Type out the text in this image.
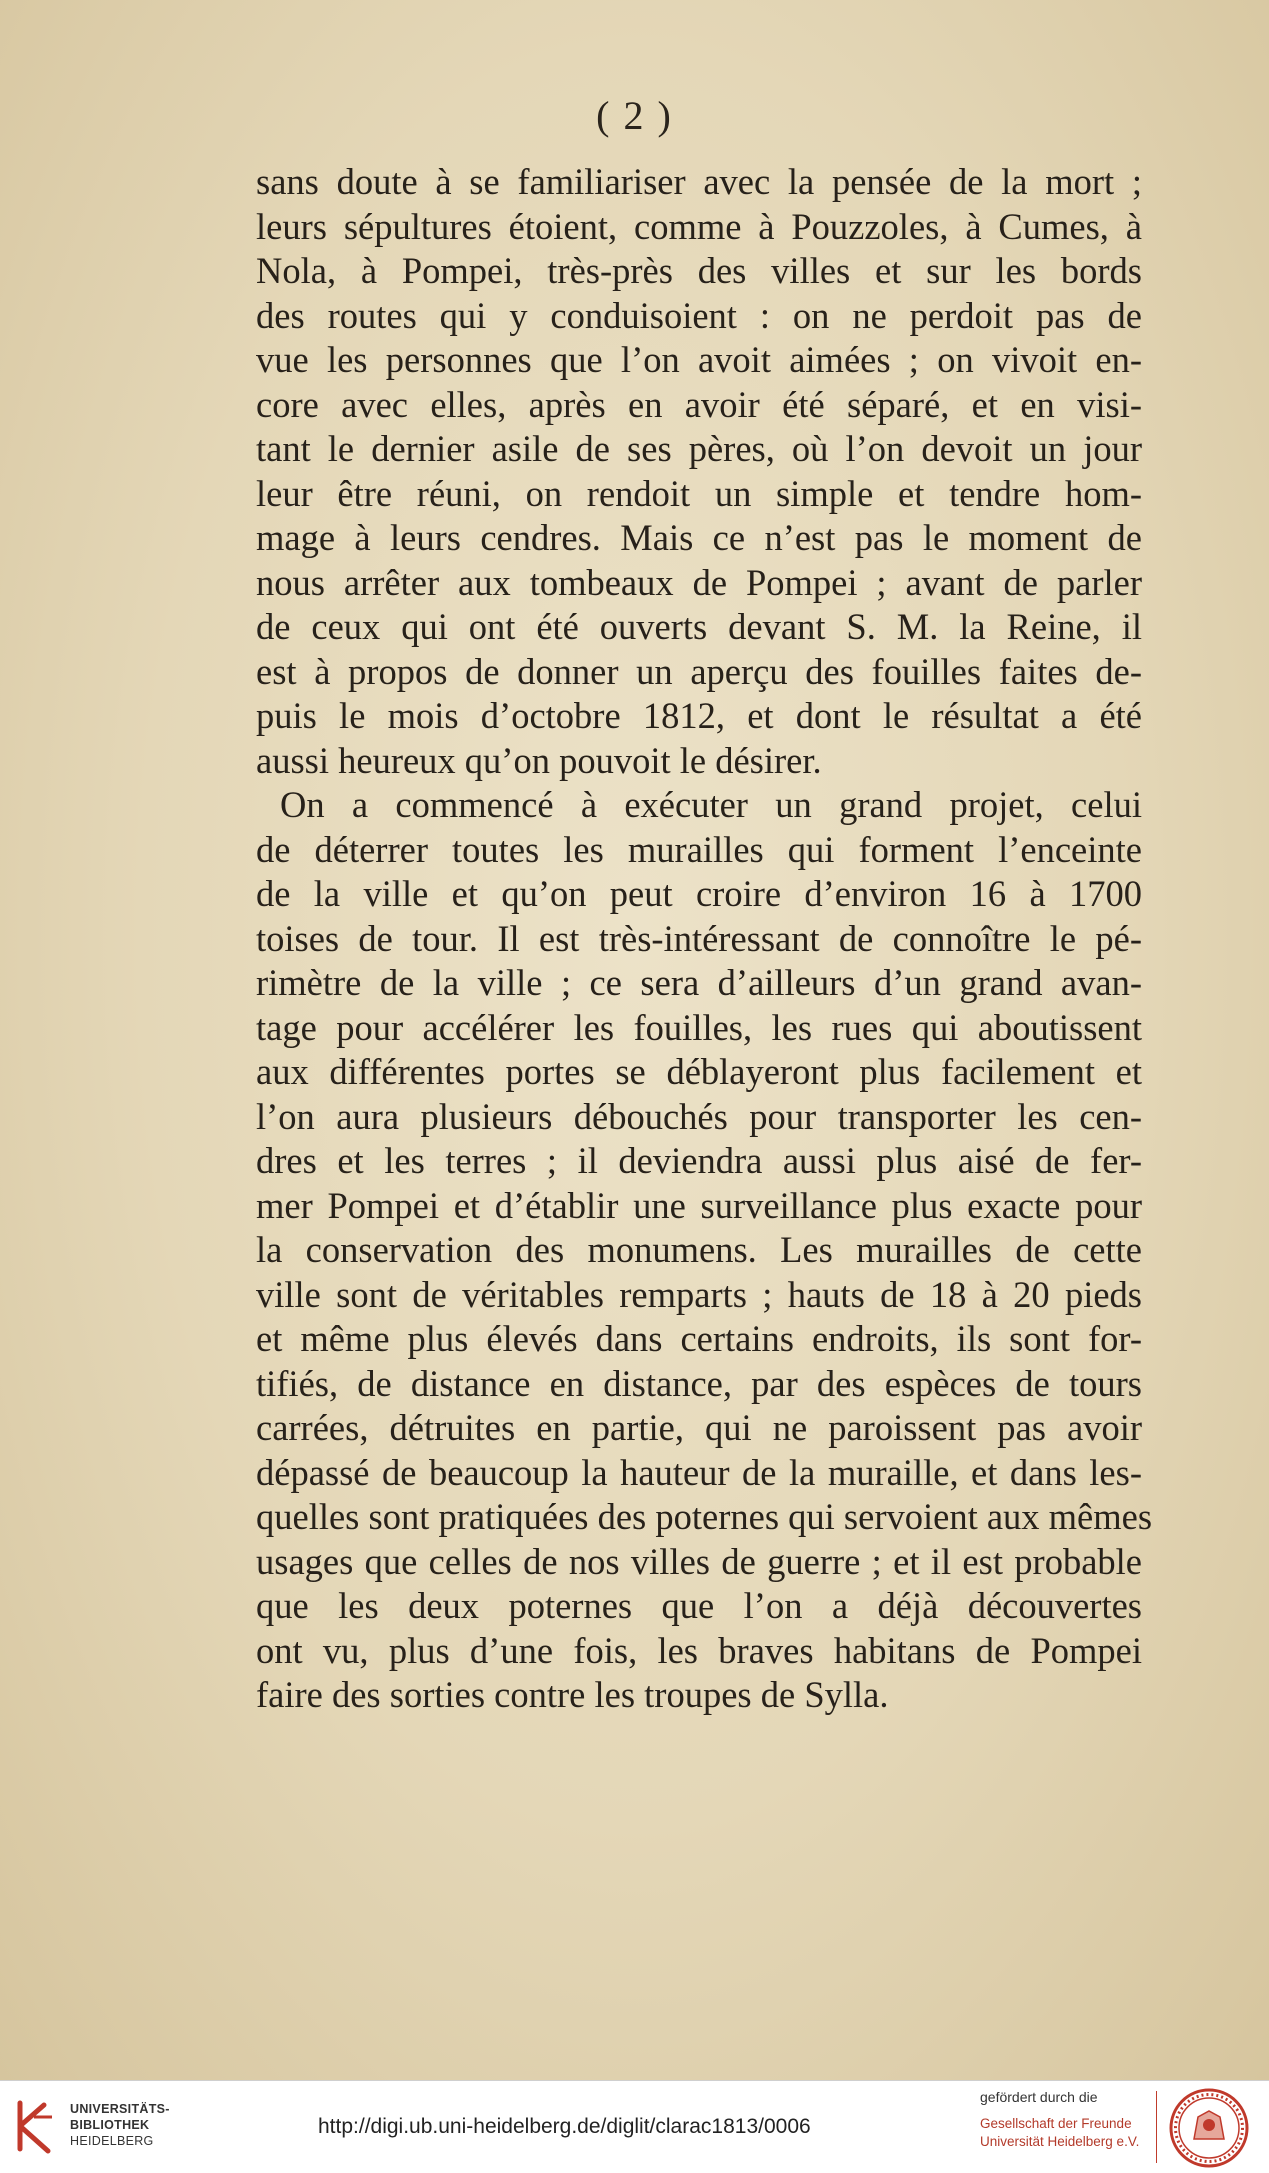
( 2 )
sans doute à se familiariser avec la pensée de la mort ;
leurs sépultures étoient, comme à Pouzzoles, à Cumes, à
Nola, à Pompei, très-près des villes et sur les bords
des routes qui y conduisoient : on ne perdoit pas de
vue les personnes que l’on avoit aimées ; on vivoit en-
core avec elles, après en avoir été séparé, et en visi-
tant le dernier asile de ses pères, où l’on devoit un jour
leur être réuni, on rendoit un simple et tendre hom-
mage à leurs cendres. Mais ce n’est pas le moment de
nous arrêter aux tombeaux de Pompei ; avant de parler
de ceux qui ont été ouverts devant S. M. la Reine, il
est à propos de donner un aperçu des fouilles faites de-
puis le mois d’octobre 1812, et dont le résultat a été
aussi heureux qu’on pouvoit le désirer.
On a commencé à exécuter un grand projet, celui
de déterrer toutes les murailles qui forment l’enceinte
de la ville et qu’on peut croire d’environ 16 à 1700
toises de tour. Il est très-intéressant de connoître le pé-
rimètre de la ville ; ce sera d’ailleurs d’un grand avan-
tage pour accélérer les fouilles, les rues qui aboutissent
aux différentes portes se déblayeront plus facilement et
l’on aura plusieurs débouchés pour transporter les cen-
dres et les terres ; il deviendra aussi plus aisé de fer-
mer Pompei et d’établir une surveillance plus exacte pour
la conservation des monumens. Les murailles de cette
ville sont de véritables remparts ; hauts de 18 à 20 pieds
et même plus élevés dans certains endroits, ils sont for-
tifiés, de distance en distance, par des espèces de tours
carrées, détruites en partie, qui ne paroissent pas avoir
dépassé de beaucoup la hauteur de la muraille, et dans les-
quelles sont pratiquées des poternes qui servoient aux mêmes
usages que celles de nos villes de guerre ; et il est probable
que les deux poternes que l’on a déjà découvertes
ont vu, plus d’une fois, les braves habitans de Pompei
faire des sorties contre les troupes de Sylla.
UNIVERSITÄTS-
BIBLIOTHEK
HEIDELBERG
http://digi.ub.uni-heidelberg.de/diglit/clarac1813/0006
gefördert durch die
Gesellschaft der Freunde
Universität Heidelberg e.V.
